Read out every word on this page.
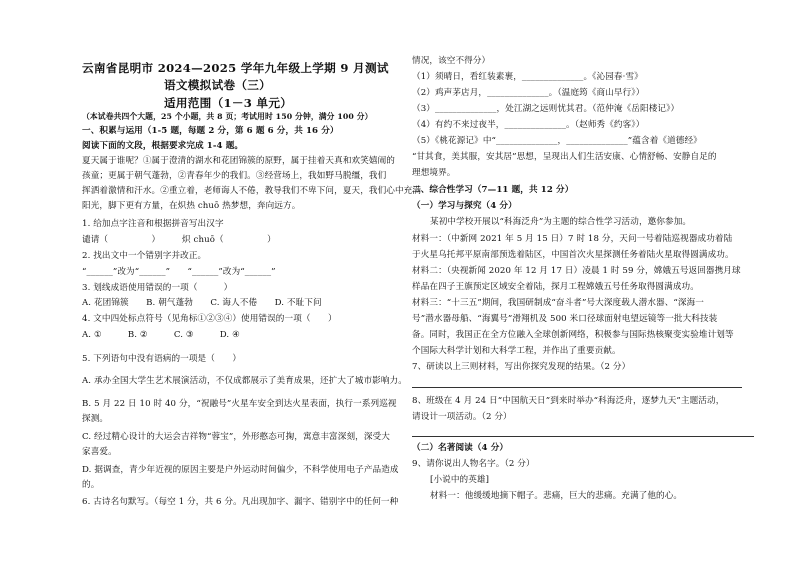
云南省昆明市 2024—2025 学年九年级上学期 9 月测试
语文模拟试卷（三）
适用范围（1－3 单元）
（本试卷共四个大题，25 个小题，共 8 页；考试用时 150 分钟，满分 100 分）
一、积累与运用（1-5 题，每题 2 分，第 6 题 6 分，共 16 分）
阅读下面的文段，根据要求完成 1-4 题。
夏天属于谁呢？①属于澄清的湖水和花团锦簇的原野，属于挂着天真和欢笑嬉闹的
孩童；更属于朝气蓬勃，②青春年少的我们。③经营场上，我如野马脱缰，我们
挥洒着激情和汗水。②重立着，老师诲人不倦，教导我们不卑下问，夏天，我们心中充满
阳光，脚下更有方量，在炽热 chuō 热梦想，奔向远方。
1. 给加点字注音和根据拼音写出汉字
谴请（　　　　　）　　　炽 chuō（　　　　　）
2. 找出文中一个错别字并改正。
“______”改为“______”　　“______”改为“______”
3. 划线成语使用错误的一项（　　　）
A. 花团锦簇　　B. 朝气蓬勃　　C. 诲人不倦　　D. 不耻下问
4. 文中四处标点符号（见角标①②③④）使用错误的一项（　　）
A. ①　　　B. ②　　　C. ③　　　D. ④
5. 下列语句中没有语病的一项是（　　）
A. 承办全国大学生艺术展演活动，不仅成都展示了美育成果，还扩大了城市影响力。
B. 5 月 22 日 10 时 40 分，“祝融号”火星车安全到达火星表面，执行一系列巡视
探测。
C. 经过精心设计的大运会吉祥物“蓉宝”，外形憨态可掬，寓意丰富深刻，深受大
家喜爱。
D. 据调查，青少年近视的原因主要是户外运动时间偏少，不科学使用电子产品造成
的。
6. 古诗名句默写。（每空 1 分，共 6 分。凡出现加字、漏字、错别字中的任何一种
情况，该空不得分）
（1）须晴日，看红装素裹，______________。《沁园春·雪》
（2）鸡声茅店月，______________。（温庭筠《商山早行》）
（3）______________，处江湖之远则忧其君。（范仲淹《岳阳楼记》）
（4）有约不来过夜半，______________。（赵师秀《约客》）
（5）《桃花源记》中“______________，______________”蕴含着《道德经》
“甘其食，美其服，安其居”思想，呈现出人们生活安康、心情舒畅、安静自足的
理想境界。
二、综合性学习（7—11 题，共 12 分）
（一）学习与探究（4 分）
某初中学校开展以“科海泛舟”为主题的综合性学习活动，邀你参加。
材料一：（中新网 2021 年 5 月 15 日）7 时 18 分，天问一号着陆巡视器成功着陆
于火星乌托邦平原南部预选着陆区，中国首次火星探测任务着陆火星取得圆满成功。
材料二：（央视新闻 2020 年 12 月 17 日）凌晨 1 时 59 分，嫦娥五号返回器携月球
样品在四子王旗预定区域安全着陆，探月工程嫦娥五号任务取得圆满成功。
材料三：“十三五”期间，我国研制成“奋斗者”号大深度载人潜水器、“深海一
号”潜水器母船、“海翼号”滑翔机及 500 米口径球面射电望远镜等一批大科技装
备。同时，我国正在全方位融入全球创新网络，积极参与国际热核聚变实验堆计划等
个国际大科学计划和大科学工程，并作出了重要贡献。
7、研读以上三则材料，写出你探究发现的结果。（2 分）
8、班级在 4 月 24 日“中国航天日”到来时举办“科海泛舟，逐梦九天”主题活动，
请设计一项活动。（2 分）
（二）名著阅读（4 分）
9、请你说出人物名字。（2 分）
[小说中的英雄]
材料一：他缓缓地摘下帽子。悲痛，巨大的悲痛。充满了他的心。
